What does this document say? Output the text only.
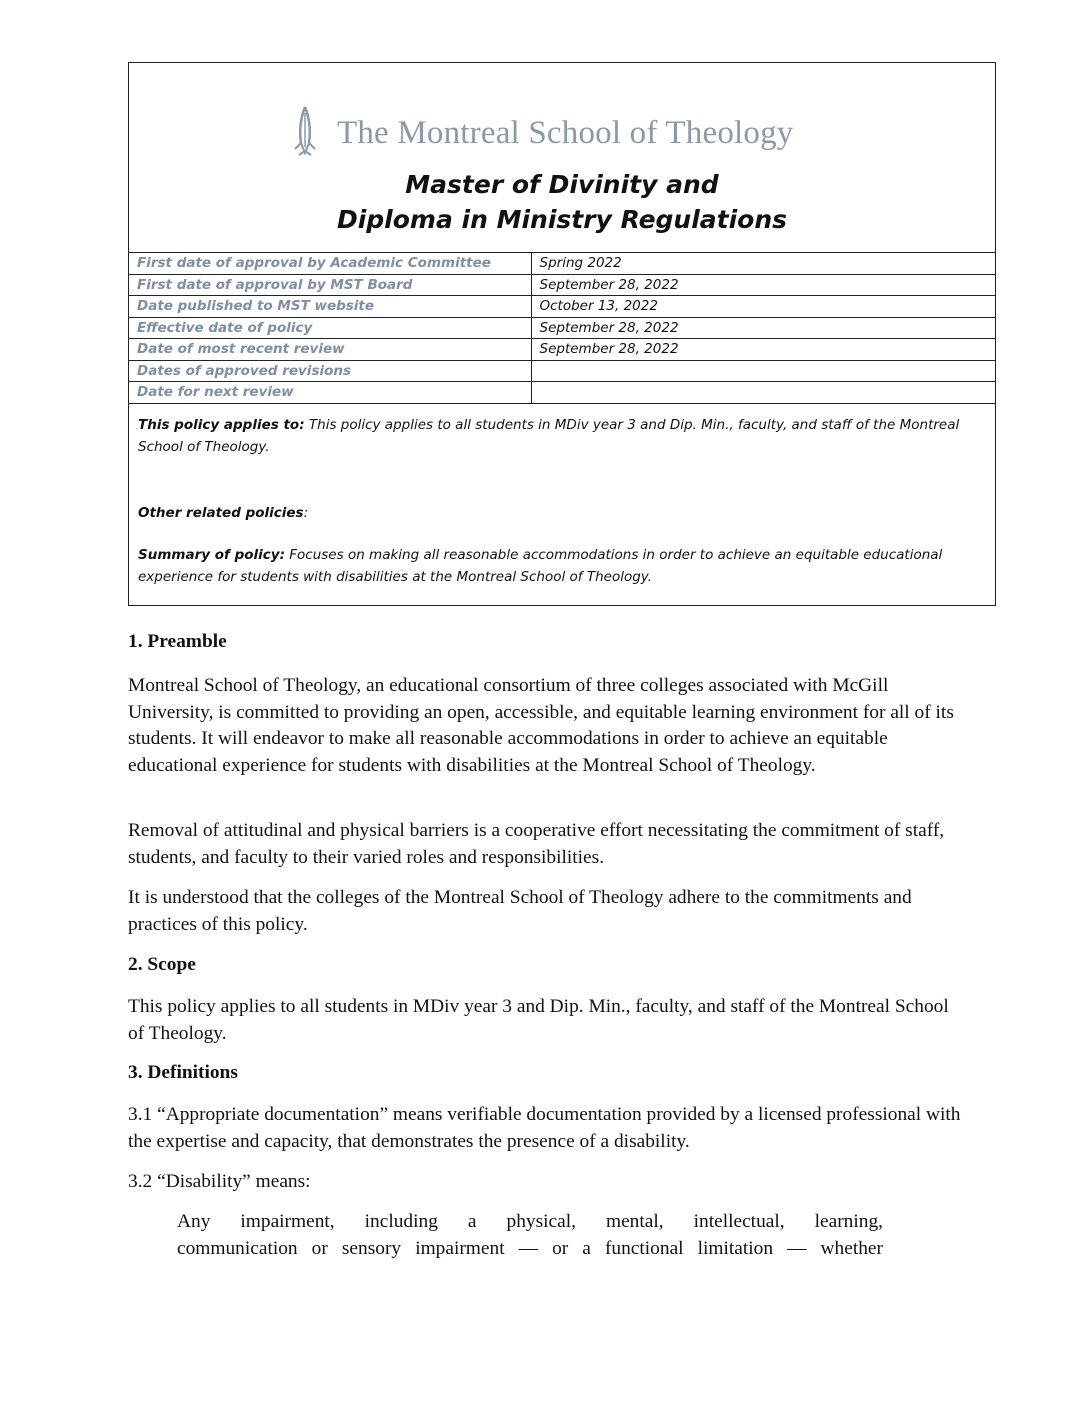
The Montreal School of Theology
Master of Divinity and
Diploma in Ministry Regulations
First date of approval by Academic Committee	Spring 2022
First date of approval by MST Board	September 28, 2022
Date published to MST website	October 13, 2022
Effective date of policy	September 28, 2022
Date of most recent review	September 28, 2022
Dates of approved revisions	
Date for next review	

This policy applies to: This policy applies to all students in MDiv year 3 and Dip. Min., faculty, and staff of the Montreal School of Theology.

Other related policies:

Summary of policy: Focuses on making all reasonable accommodations in order to achieve an equitable educational experience for students with disabilities at the Montreal School of Theology.

1. Preamble

Montreal School of Theology, an educational consortium of three colleges associated with McGill University, is committed to providing an open, accessible, and equitable learning environment for all of its students. It will endeavor to make all reasonable accommodations in order to achieve an equitable educational experience for students with disabilities at the Montreal School of Theology.

Removal of attitudinal and physical barriers is a cooperative effort necessitating the commitment of staff, students, and faculty to their varied roles and responsibilities.

It is understood that the colleges of the Montreal School of Theology adhere to the commitments and practices of this policy.

2. Scope

This policy applies to all students in MDiv year 3 and Dip. Min., faculty, and staff of the Montreal School of Theology.

3. Definitions

3.1 “Appropriate documentation” means verifiable documentation provided by a licensed professional with the expertise and capacity, that demonstrates the presence of a disability.

3.2 “Disability” means:

Any impairment, including a physical, mental, intellectual, learning,
communication or sensory impairment — or a functional limitation — whether
